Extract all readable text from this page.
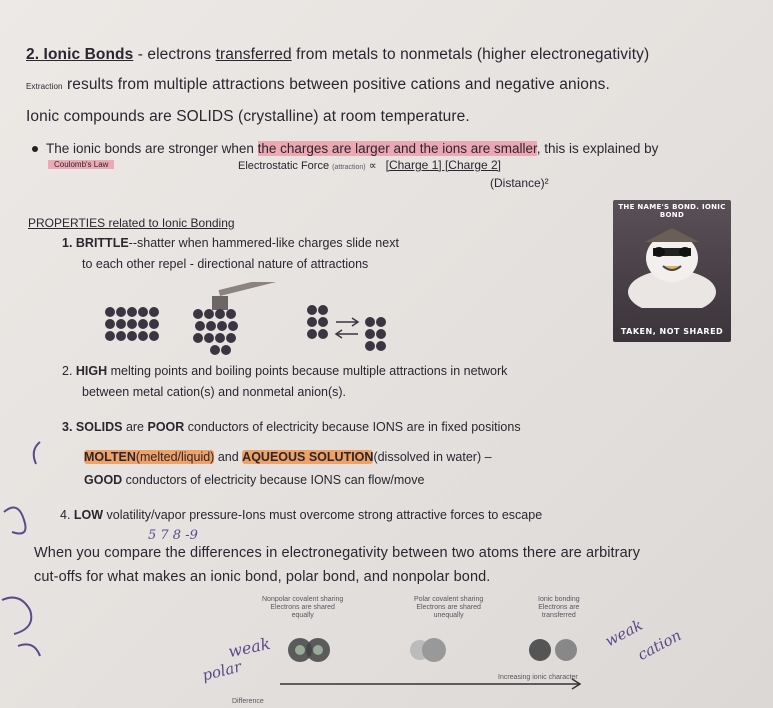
2. Ionic Bonds - electrons transferred from metals to nonmetals (higher electronegativity)
Extraction results from multiple attractions between positive cations and negative anions.
Ionic compounds are SOLIDS (crystalline) at room temperature.
The ionic bonds are stronger when the charges are larger and the ions are smaller, this is explained by
Coulomb's Law	Electrostatic Force (attraction) ∝ [Charge 1] [Charge 2]
(Distance)²
PROPERTIES related to Ionic Bonding
1. BRITTLE--shatter when hammered-like charges slide next
to each other repel - directional nature of attractions
THE NAME'S BOND. IONIC BOND
TAKEN, NOT SHARED
2. HIGH melting points and boiling points because multiple attractions in network
between metal cation(s) and nonmetal anion(s).
3. SOLIDS are POOR conductors of electricity because IONS are in fixed positions
MOLTEN(melted/liquid) and AQUEOUS SOLUTION(dissolved in water) –
GOOD conductors of electricity because IONS can flow/move
4. LOW volatility/vapor pressure-Ions must overcome strong attractive forces to escape
When you compare the differences in electronegativity between two atoms there are arbitrary
cut-offs for what makes an ionic bond, polar bond, and nonpolar bond.
Nonpolar covalent sharing
Electrons are shared
equally
Polar covalent sharing
Electrons are shared
unequally
Ionic bonding
Electrons are
transferred
Increasing ionic character
Difference
weak
polar
weak
cation
5 7 8 -9
